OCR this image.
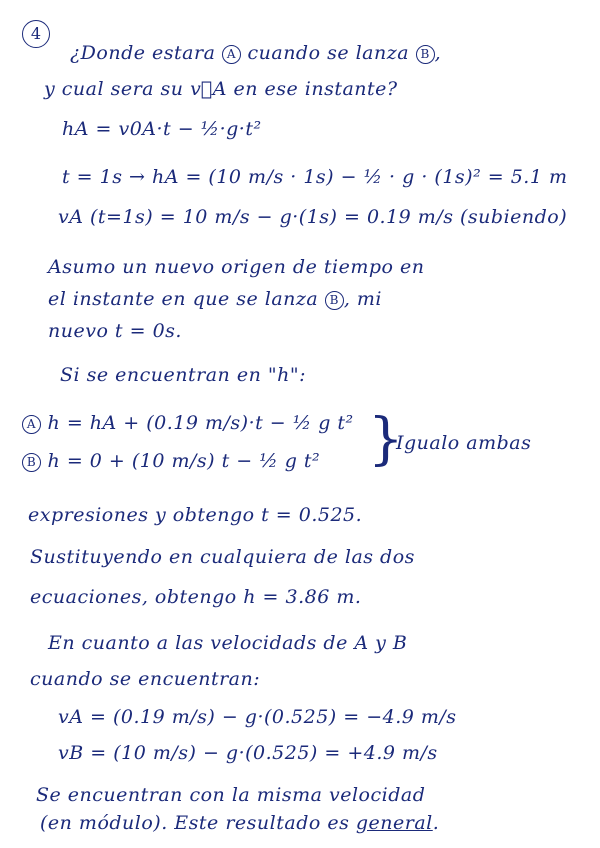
4
¿Donde estara A cuando se lanza B ,
y cual sera su v⃗A en ese instante?
hA = v0A·t − ½·g·t²
t = 1s → hA = (10 m/s · 1s) − ½ · g · (1s)² = 5.1 m
vA (t=1s) = 10 m/s − g·(1s) = 0.19 m/s (subiendo)
Asumo un nuevo origen de tiempo en
el instante en que se lanza B , mi
nuevo t = 0s.
Si se encuentran en "h":
A h = hA + (0.19 m/s)·t − ½ g t²
B h = 0 + (10 m/s) t − ½ g t² }
Igualo ambas
expresiones y obtengo t = 0.525.
Sustituyendo en cualquiera de las dos
ecuaciones, obtengo h = 3.86 m.
En cuanto a las velocidads de A y B
cuando se encuentran:
vA = (0.19 m/s) − g·(0.525) = −4.9 m/s
vB = (10 m/s) − g·(0.525) = +4.9 m/s
Se encuentran con la misma velocidad
(en módulo). Este resultado es general.
